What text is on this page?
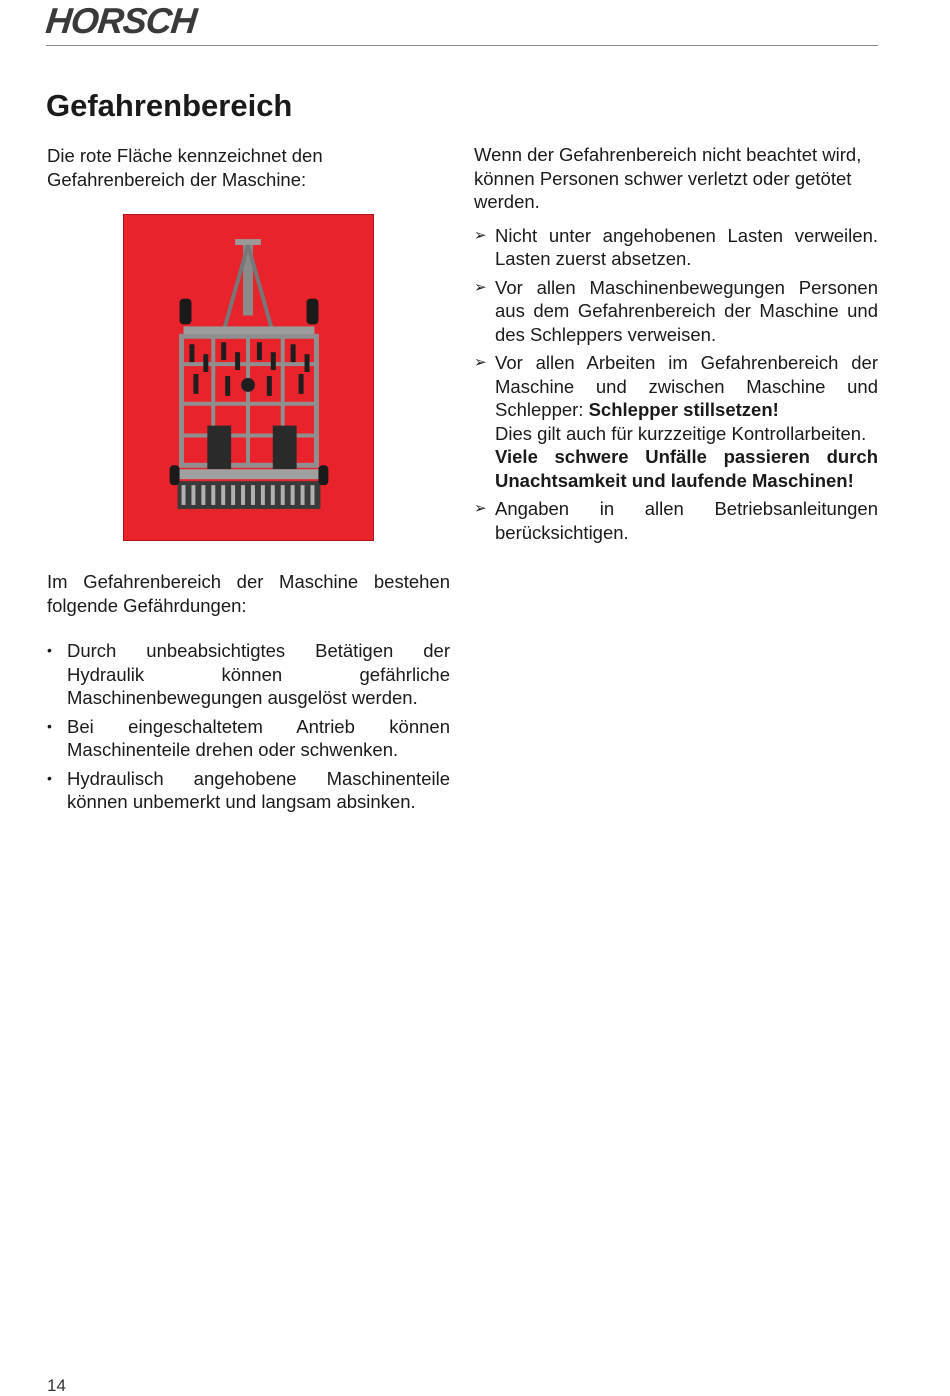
HORSCH
Gefahrenbereich

Die rote Fläche kennzeichnet den Gefahrenbereich der Maschine:

Wenn der Gefahrenbereich nicht beachtet wird, können Personen schwer verletzt oder getötet werden.

➢ Nicht unter angehobenen Lasten verweilen. Lasten zuerst absetzen.
➢ Vor allen Maschinenbewegungen Personen aus dem Gefahrenbereich der Maschine und des Schleppers verweisen.
➢ Vor allen Arbeiten im Gefahrenbereich der Maschine und zwischen Maschine und Schlepper: Schlepper stillsetzen!
Dies gilt auch für kurzzeitige Kontrollarbeiten.
Viele schwere Unfälle passieren durch Unachtsamkeit und laufende Maschinen!
➢ Angaben in allen Betriebsanleitungen berücksichtigen.

Im Gefahrenbereich der Maschine bestehen folgende Gefährdungen:

• Durch unbeabsichtigtes Betätigen der Hydraulik können gefährliche Maschinenbewegungen ausgelöst werden.
• Bei eingeschaltetem Antrieb können Maschinenteile drehen oder schwenken.
• Hydraulisch angehobene Maschinenteile können unbemerkt und langsam absinken.
14
